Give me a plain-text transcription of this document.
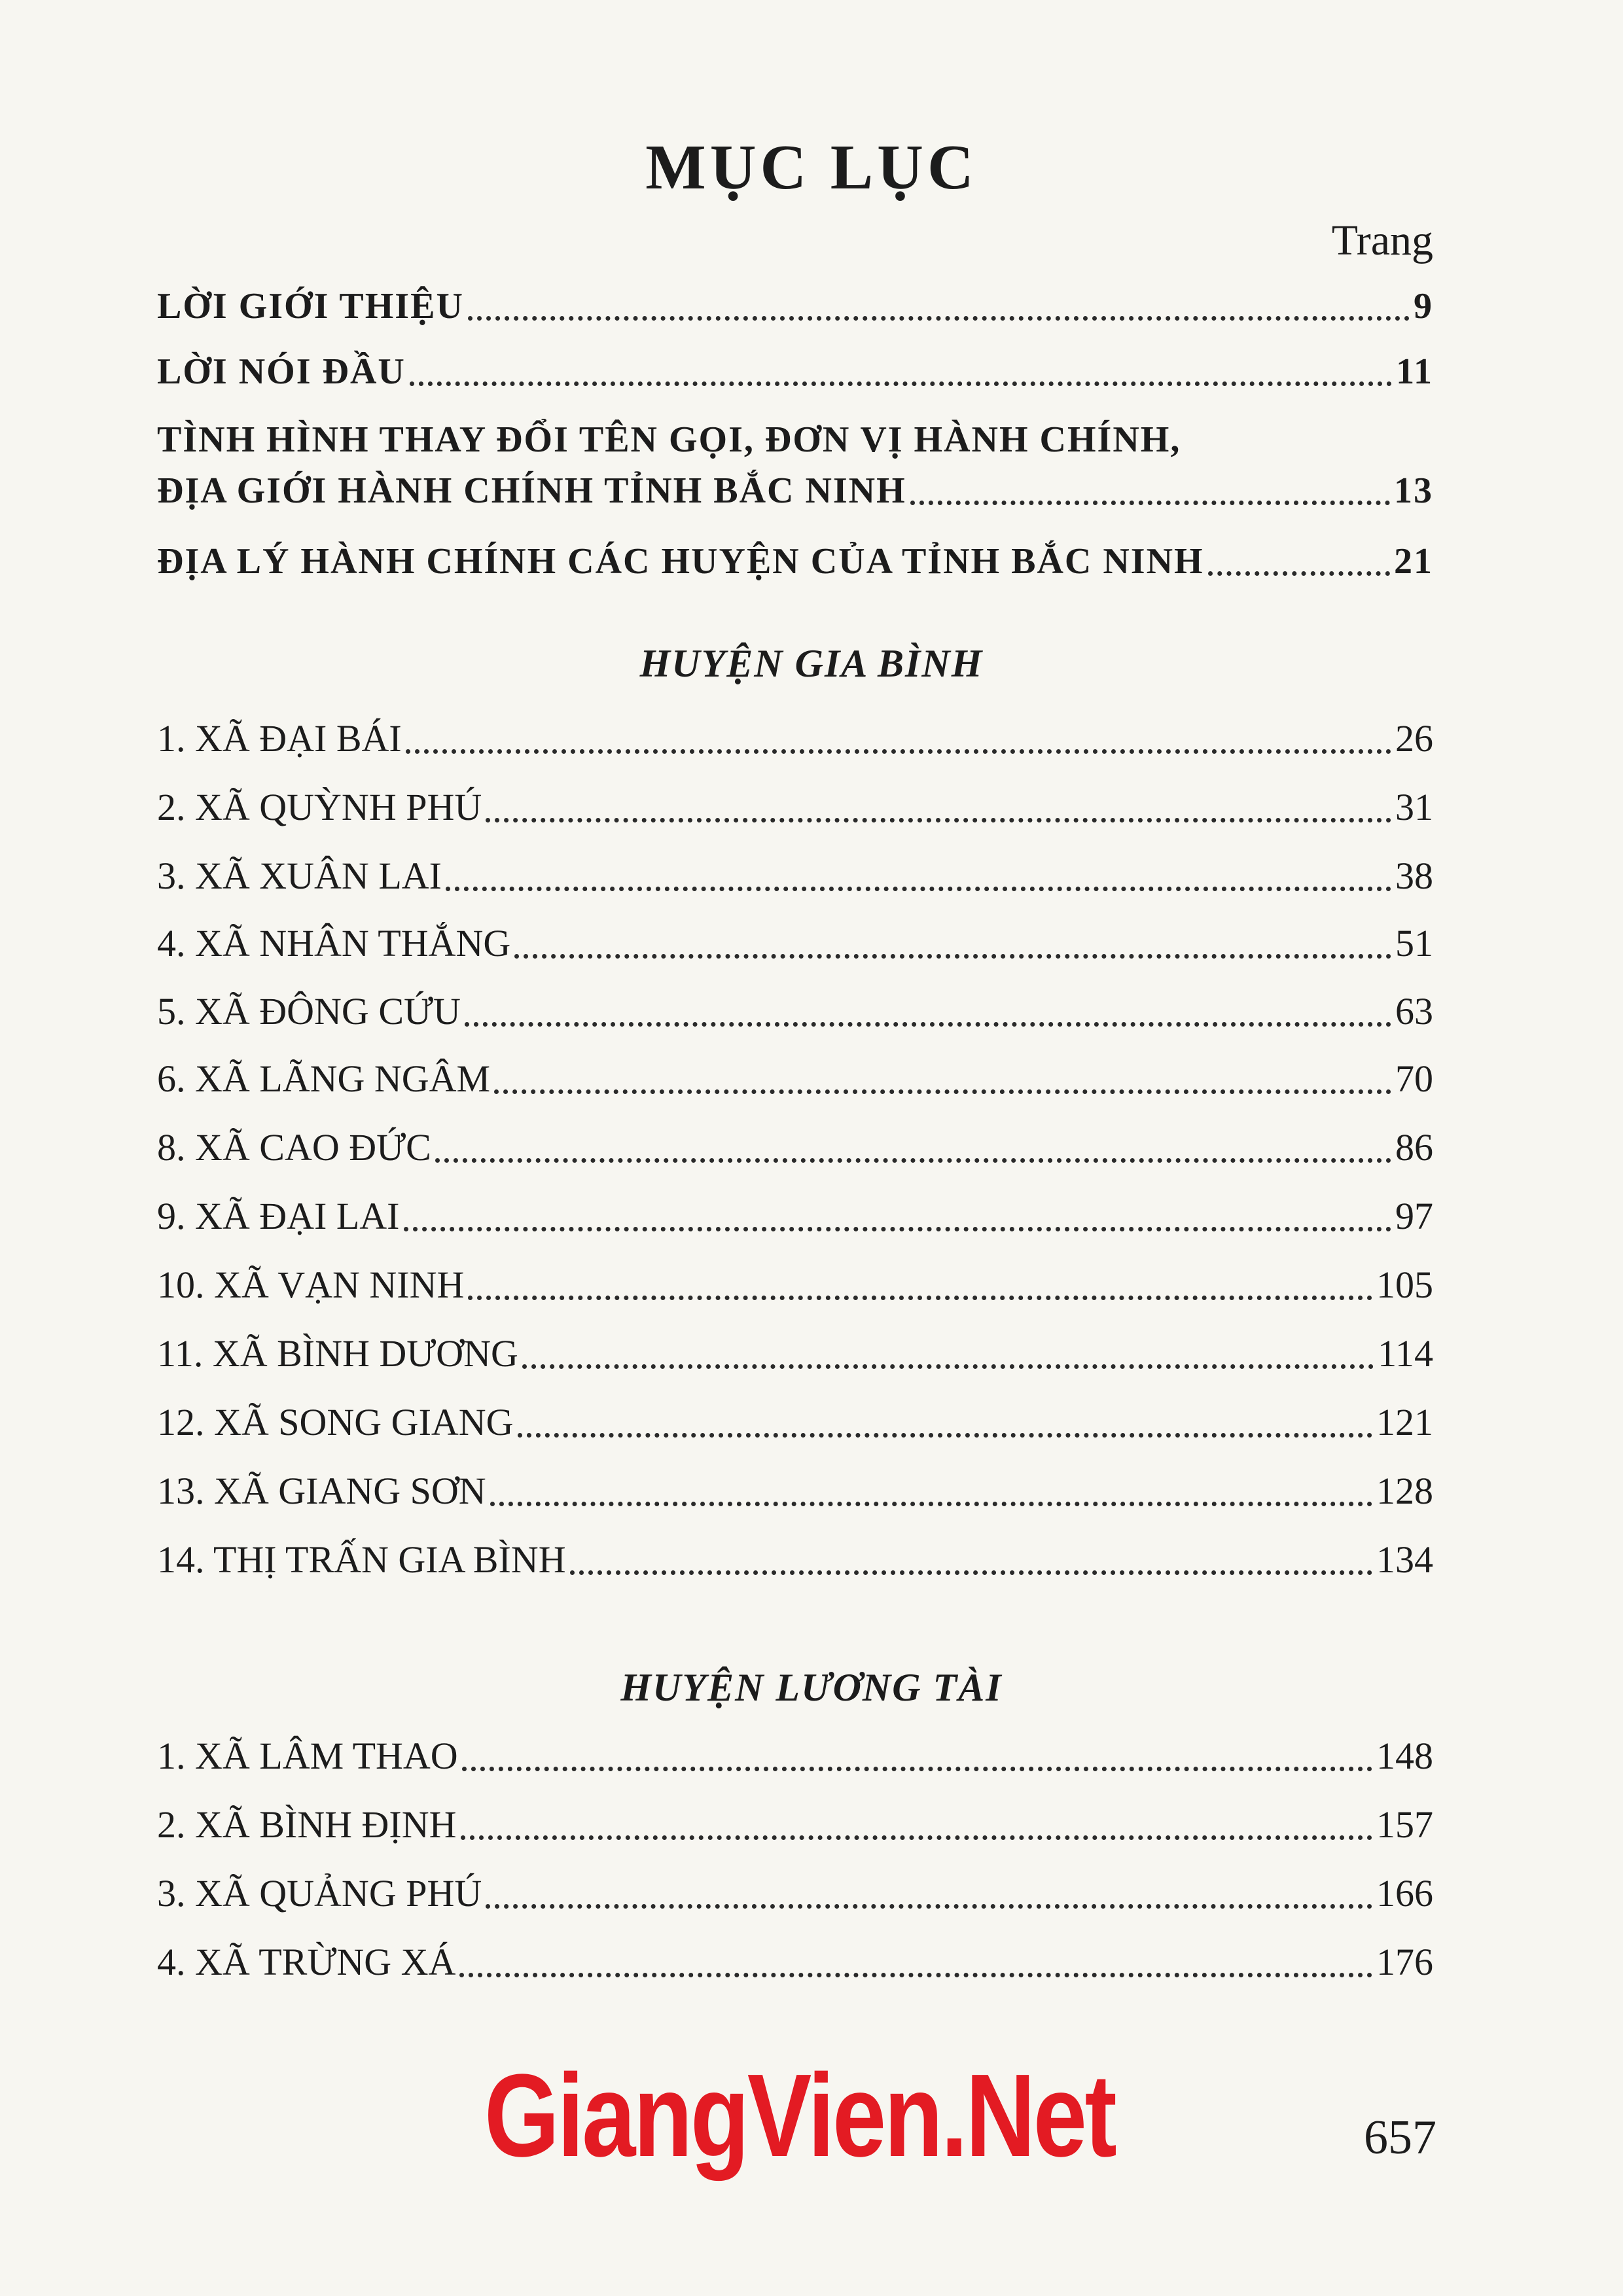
MỤC LỤC
Trang
LỜI GIỚI THIỆU	9
LỜI NÓI ĐẦU	11
TÌNH HÌNH THAY ĐỔI TÊN GỌI, ĐƠN VỊ HÀNH CHÍNH,
ĐỊA GIỚI HÀNH CHÍNH TỈNH BẮC NINH	13
ĐỊA LÝ HÀNH CHÍNH CÁC HUYỆN CỦA TỈNH BẮC NINH	21
HUYỆN GIA BÌNH
1. XÃ ĐẠI BÁI	26
2. XÃ QUỲNH PHÚ	31
3. XÃ XUÂN LAI	38
4. XÃ NHÂN THẮNG	51
5. XÃ ĐÔNG CỨU	63
6. XÃ LÃNG NGÂM	70
8. XÃ CAO ĐỨC	86
9. XÃ ĐẠI LAI	97
10. XÃ VẠN NINH	105
11. XÃ BÌNH DƯƠNG	114
12. XÃ SONG GIANG	121
13. XÃ GIANG SƠN	128
14. THỊ TRẤN GIA BÌNH	134
HUYỆN LƯƠNG TÀI
1. XÃ LÂM THAO	148
2. XÃ BÌNH ĐỊNH	157
3. XÃ QUẢNG PHÚ	166
4. XÃ TRỪNG XÁ	176
GiangVien.Net	657
